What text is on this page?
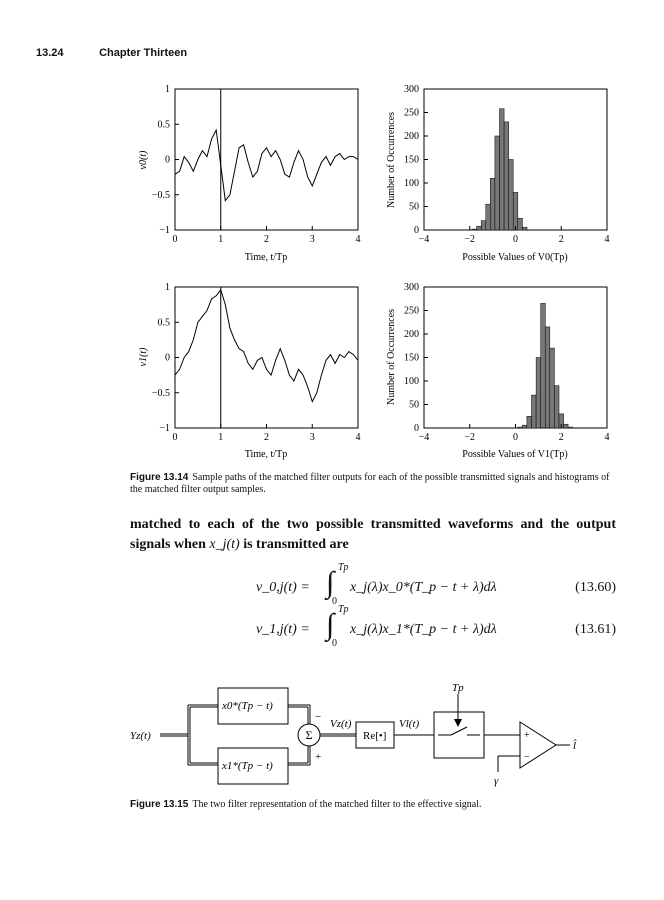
13.24	Chapter Thirteen
1
0.5
0
−0.5
−1
0	1	2	3	4
Time, t/Tp
v0(t)
300
250
200
150
100
50
0
−4	−2	0	2	4
Possible Values of V0(Tp)
Number of Occurrences
1
0.5
0
−0.5
−1
0	1	2	3	4
Time, t/Tp
v1(t)
300
250
200
150
100
50
0
−4	−2	0	2	4
Possible Values of V1(Tp)
Number of Occurrences
Figure 13.14 Sample paths of the matched filter outputs for each of the possible transmitted signals and histograms of the matched filter output samples.
matched to each of the two possible transmitted waveforms and the output signals when x_j(t) is transmitted are
v_0,j(t) = ∫ Tp
0
x_j(λ)x_0*(T_p − t + λ)dλ	(13.60)
v_1,j(t) = ∫ Tp
0
x_j(λ)x_1*(T_p − t + λ)dλ	(13.61)
Yz(t)
x0*(Tp − t)
x1*(Tp − t)
Σ
−
+
Vz(t)
Re[•]
Vl(t)
Tp
+
−
γ
l̂
Figure 13.15 The two filter representation of the matched filter to the effective signal.
